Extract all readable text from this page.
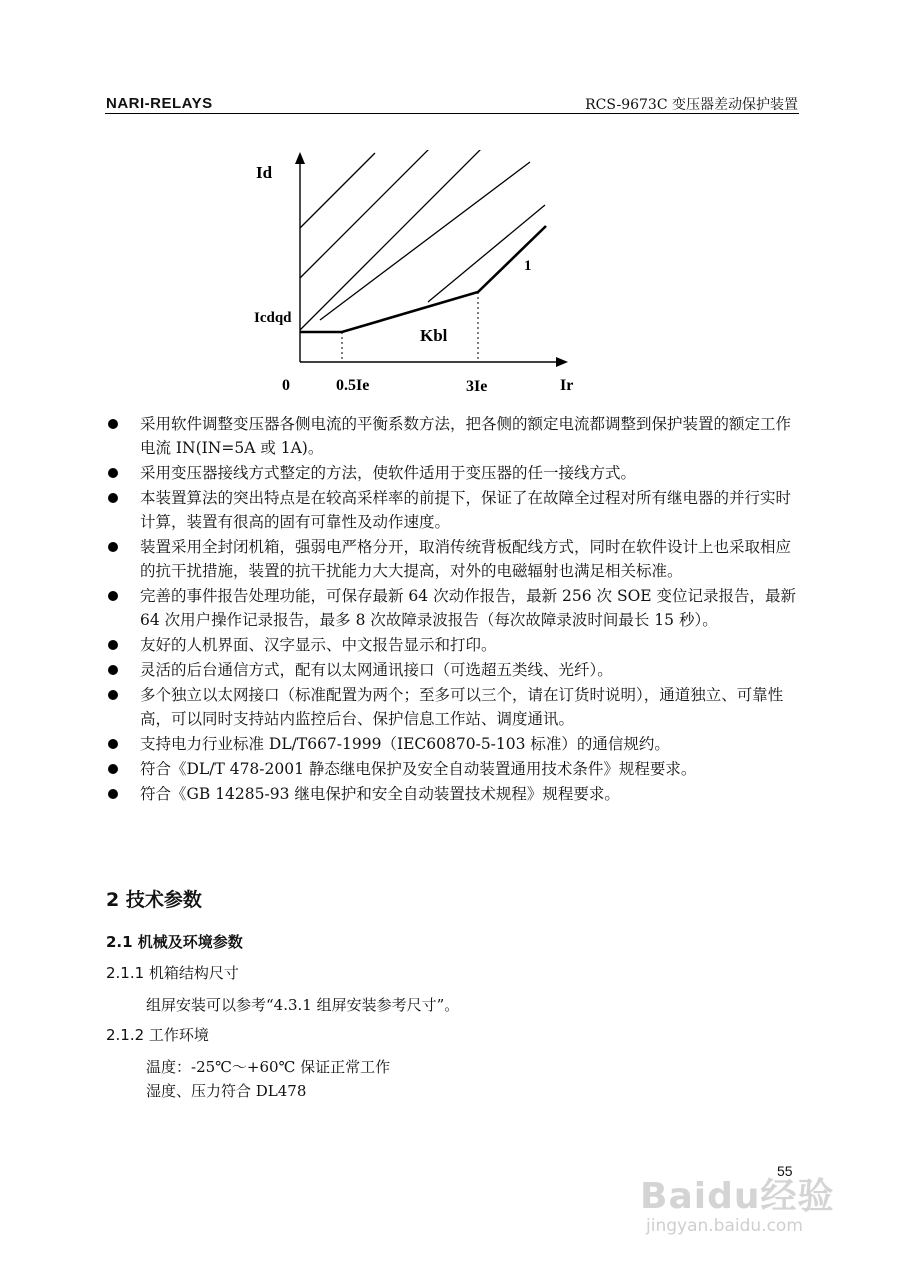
NARI-RELAYS	RCS-9673C 变压器差动保护装置
Id
Ir
0
Icdqd
0.5Ie	3Ie
Kbl
1
采用软件调整变压器各侧电流的平衡系数方法，把各侧的额定电流都调整到保护装置的额定工作电流 IN(IN=5A 或 1A)。
采用变压器接线方式整定的方法，使软件适用于变压器的任一接线方式。
本装置算法的突出特点是在较高采样率的前提下，保证了在故障全过程对所有继电器的并行实时计算，装置有很高的固有可靠性及动作速度。
装置采用全封闭机箱，强弱电严格分开，取消传统背板配线方式，同时在软件设计上也采取相应的抗干扰措施，装置的抗干扰能力大大提高，对外的电磁辐射也满足相关标准。
完善的事件报告处理功能，可保存最新 64 次动作报告，最新 256 次 SOE 变位记录报告，最新 64 次用户操作记录报告，最多 8 次故障录波报告（每次故障录波时间最长 15 秒）。
友好的人机界面、汉字显示、中文报告显示和打印。
灵活的后台通信方式，配有以太网通讯接口（可选超五类线、光纤）。
多个独立以太网接口（标准配置为两个；至多可以三个，请在订货时说明），通道独立、可靠性高，可以同时支持站内监控后台、保护信息工作站、调度通讯。
支持电力行业标准 DL/T667-1999（IEC60870-5-103 标准）的通信规约。
符合《DL/T 478-2001 静态继电保护及安全自动装置通用技术条件》规程要求。
符合《GB 14285-93 继电保护和安全自动装置技术规程》规程要求。
2 技术参数
2.1 机械及环境参数
2.1.1 机箱结构尺寸
组屏安装可以参考“4.3.1 组屏安装参考尺寸”。
2.1.2 工作环境
温度：-25℃～+60℃ 保证正常工作
湿度、压力符合 DL478
55
Baidu经验
jingyan.baidu.com
